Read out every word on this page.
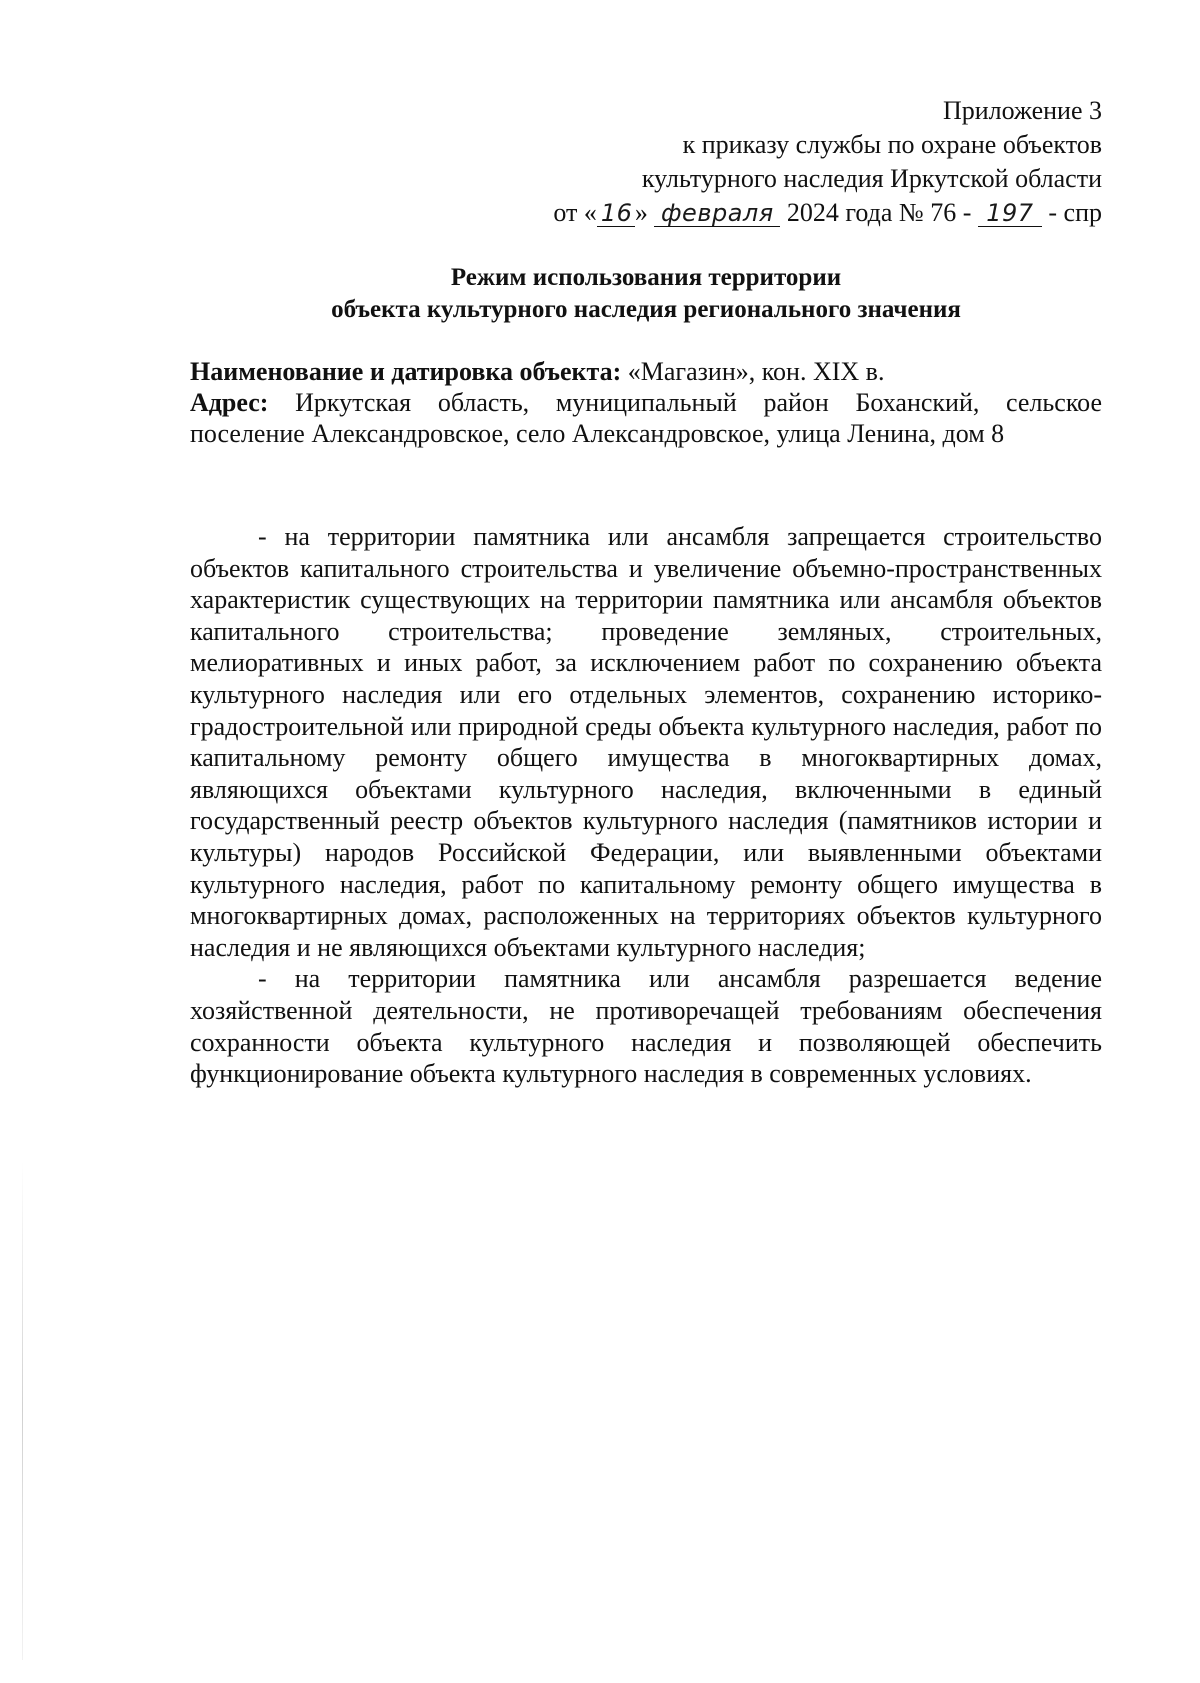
Приложение 3
к приказу службы по охране объектов
культурного наследия Иркутской области
от « 16» февраля 2024 года № 76 - 197 - спр
Режим использования территории
объекта культурного наследия регионального значения

Наименование и датировка объекта: «Магазин», кон. XIX в.

Адрес: Иркутская область, муниципальный район Боханский, сельское поселение Александровское, село Александровское, улица Ленина, дом 8

- на территории памятника или ансамбля запрещается строительство объектов капитального строительства и увеличение объемно-пространственных характеристик существующих на территории памятника или ансамбля объектов капитального строительства; проведение земляных, строительных, мелиоративных и иных работ, за исключением работ по сохранению объекта культурного наследия или его отдельных элементов, сохранению историко-градостроительной или природной среды объекта культурного наследия, работ по капитальному ремонту общего имущества в многоквартирных домах, являющихся объектами культурного наследия, включенными в единый государственный реестр объектов культурного наследия (памятников истории и культуры) народов Российской Федерации, или выявленными объектами культурного наследия, работ по капитальному ремонту общего имущества в многоквартирных домах, расположенных на территориях объектов культурного наследия и не являющихся объектами культурного наследия;

- на территории памятника или ансамбля разрешается ведение хозяйственной деятельности, не противоречащей требованиям обеспечения сохранности объекта культурного наследия и позволяющей обеспечить функционирование объекта культурного наследия в современных условиях.
